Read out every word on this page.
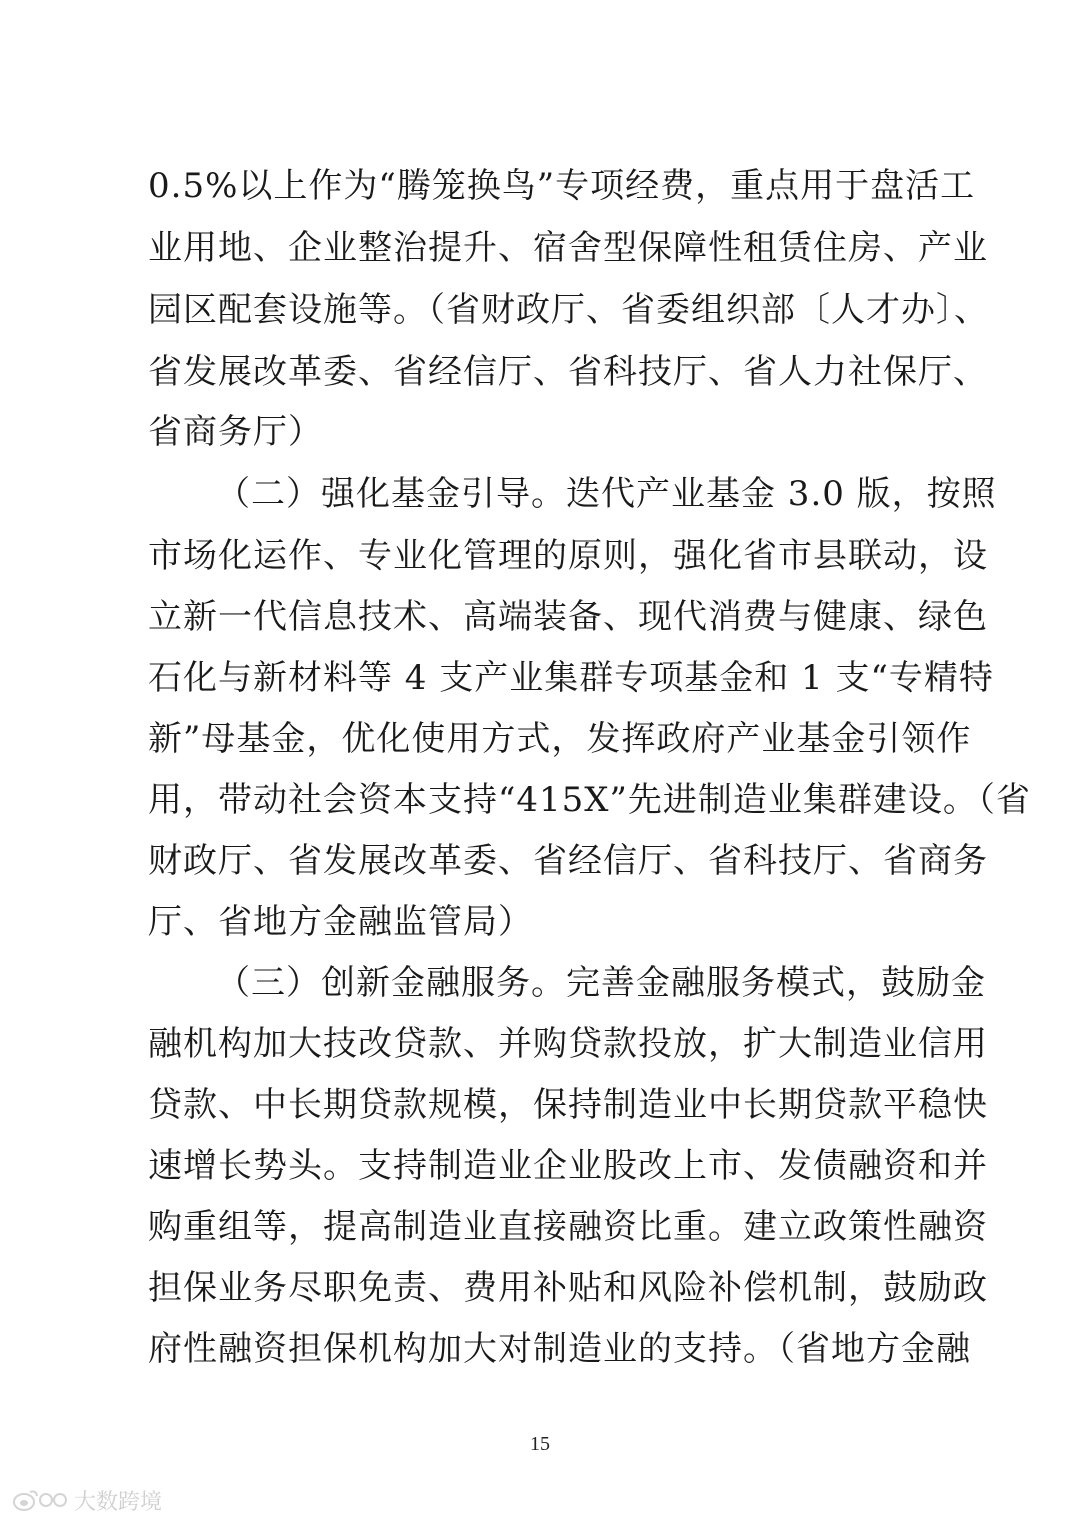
0.5%以上作为“腾笼换鸟”专项经费，重点用于盘活工
业用地、企业整治提升、宿舍型保障性租赁住房、产业
园区配套设施等。（省财政厅、省委组织部〔人才办〕、
省发展改革委、省经信厅、省科技厅、省人力社保厅、
省商务厅）
（二）强化基金引导。迭代产业基金 3.0 版，按照
市场化运作、专业化管理的原则，强化省市县联动，设
立新一代信息技术、高端装备、现代消费与健康、绿色
石化与新材料等 4 支产业集群专项基金和 1 支“专精特
新”母基金，优化使用方式，发挥政府产业基金引领作
用，带动社会资本支持“415X”先进制造业集群建设。（省
财政厅、省发展改革委、省经信厅、省科技厅、省商务
厅、省地方金融监管局）
（三）创新金融服务。完善金融服务模式，鼓励金
融机构加大技改贷款、并购贷款投放，扩大制造业信用
贷款、中长期贷款规模，保持制造业中长期贷款平稳快
速增长势头。支持制造业企业股改上市、发债融资和并
购重组等，提高制造业直接融资比重。建立政策性融资
担保业务尽职免责、费用补贴和风险补偿机制，鼓励政
府性融资担保机构加大对制造业的支持。（省地方金融
15
大数跨境
